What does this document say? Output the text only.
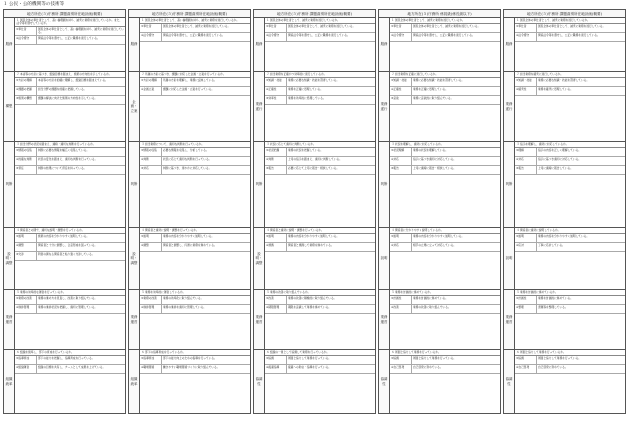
１ 公民・公的機関等の技術等
地方所在(５)庁務所 課題曲別所在地計画(概要)
服務
１ 国民全体の奉仕者として、高い倫理観を持ち、誠実に業務を遂行しているか。また、法令等を遵守しているか。
①奉仕者	国民全体の奉仕者として、高い倫理観を持ち、誠実に業務を遂行している。
②法令遵守	関係法令等を遵守し、公正に職務を遂行している。
構想
２ 本省等の方針に基づき、組織目標を踏まえ、施策の方向性を示しているか。
①方針の理解	本省等の方針を的確に理解し、組織目標を踏まえている。
②課題の把握	担当分野の課題を的確に把握している。
③施策の構想	課題の解決に向けた施策の方向性を示している。
判断
３ 担当分野の状況を踏まえ、適時・適切な判断を行っているか。
①情報の収集	判断に必要な情報を幅広く収集している。
②的確な判断	状況の変化を踏まえ、適切な判断を行っている。
③責任	判断の結果について責任を持っている。
説明・調整
４ 関係者との間で、適切な説明・調整を行っているか。
①説明	施策の内容を分かりやすく説明している。
②調整	関係者と十分に調整し、合意形成を図っている。
③交渉	利害の異なる関係者と粘り強く交渉している。
業務運営
５ 業務の効率的な運営を行っているか。
①業務の改善	業務の進め方を見直し、改善に取り組んでいる。
②進捗管理	業務の進捗状況を把握し、適切に管理している。
組織統率
６ 組織を統率し、部下の育成を行っているか。
①指導育成	部下の能力を把握し、指導育成を行っている。
②組織運営	組織の目標を共有し、チームとして成果を上げている。
地方所在(５)庁務所 課題曲別所在地計画(概要)
服務
１ 国民全体の奉仕者として、高い倫理観を持ち、誠実に業務を遂行しているか。
①奉仕者	国民全体の奉仕者として、誠実に業務を遂行している。
②法令遵守	関係法令等を遵守し、公正に職務を遂行している。
企画・立案
２ 所属の方針に基づき、課題に対応した企画・立案を行っているか。
①方針の理解	所属の方針を理解し、業務に反映している。
②企画立案	課題に対応した企画・立案を行っている。
判断
３ 担当業務について、適切な判断を行っているか。
①情報の収集	必要な情報を収集し、分析している。
②判断	状況に応じて適切な判断を行っている。
③対応	判断に基づき、速やかに対応している。
説明・調整
４ 関係者と適切に説明・調整を行っているか。
①説明	業務の内容を分かりやすく説明している。
②調整	関係者と調整し、円滑に業務を進めている。
業務運営
５ 業務を効率的に運営しているか。
①業務の改善	業務の効率化に取り組んでいる。
②進捗管理	業務の進捗を適切に管理している。
組織統率
６ 部下の指導育成を行っているか。
①指導育成	部下の能力向上のための指導を行っている。
②職場環境	働きやすい職場環境づくりに取り組んでいる。
地方所在(５)庁務所 課題曲別所在地計画(概要)
服務
１ 国民全体の奉仕者として、誠実に業務を遂行しているか。
①奉仕者	国民全体の奉仕者として、誠実に業務を遂行している。
②法令遵守	関係法令等を遵守し、公正に職務を遂行している。
業務遂行
２ 担当業務を正確かつ効率的に遂行しているか。
①知識・技能	業務に必要な知識・技能を習得している。
②正確性	業務を正確に処理している。
③効率性	業務を効率的に処理している。
判断
３ 状況に応じて適切に判断しているか。
①状況把握	業務の状況を把握している。
②判断	上司の指示を踏まえ、適切に判断している。
③報告	必要に応じて上司に報告・相談している。
説明・調整
４ 関係者と適切に説明・調整を行っているか。
①説明	業務の内容を分かりやすく説明している。
②連携	関係者と連携して業務を進めている。
業務運営
５ 業務の改善に取り組んでいるか。
①改善	業務の改善に積極的に取り組んでいる。
②期限管理	期限を意識して業務を進めている。
協調性
６ 組織の一員として協調して業務を行っているか。
①協調	周囲と協力して業務を行っている。
②後輩指導	後輩への助言・指導を行っている。
地方所在(５)庁務所 係員級(係長級以下)
服務
１ 国民全体の奉仕者として、誠実に業務を遂行しているか。
①奉仕者	国民全体の奉仕者として、誠実に業務を遂行している。
②法令遵守	関係法令等を遵守し、公正に職務を遂行している。
業務遂行
２ 担当業務を正確に遂行しているか。
①知識・技能	業務に必要な知識・技能を習得している。
②正確性	業務を正確に処理している。
③意欲	業務に意欲的に取り組んでいる。
判断
３ 状況を理解し、適切に対応しているか。
①状況理解	業務の状況を理解している。
②対応	指示に基づき適切に対応している。
③報告	上司に適時に報告・相談している。
説明
４ 関係者に分かりやすく説明しているか。
①説明	業務の内容を分かりやすく説明している。
②対応	相手の立場に立って対応している。
業務運営
５ 業務を計画的に進めているか。
①計画性	業務を計画的に進めている。
②改善	業務の改善に取り組んでいる。
協調性
６ 周囲と協力して業務を行っているか。
①協調	周囲と協力して業務を行っている。
②自己啓発	自己啓発に努めている。
地方所在(５)庁務所 課題曲別所在地計画(概要)
服務
１ 国民全体の奉仕者として、誠実に業務を遂行しているか。
①奉仕者	国民全体の奉仕者として、誠実に業務を遂行している。
②法令遵守	関係法令等を遵守し、公正に職務を遂行している。
業務遂行
２ 担当業務を確実に遂行しているか。
①知識・技能	業務に必要な知識・技能を習得している。
②確実性	業務を確実に処理している。
判断
３ 指示を理解し、適切に対応しているか。
①理解	指示の内容を正しく理解している。
②対応	指示に基づき適切に対応している。
③報告	上司に適時に報告している。
説明
４ 関係者に適切に説明しているか。
①説明	業務の内容を分かりやすく説明している。
②応対	丁寧に応対している。
業務運営
５ 業務を計画的に進めているか。
①計画性	業務を計画的に進めている。
②整理	書類等を整理している。
協調性
６ 周囲と協力して業務を行っているか。
①協調	周囲と協力して業務を行っている。
②自己啓発	自己啓発に努めている。
